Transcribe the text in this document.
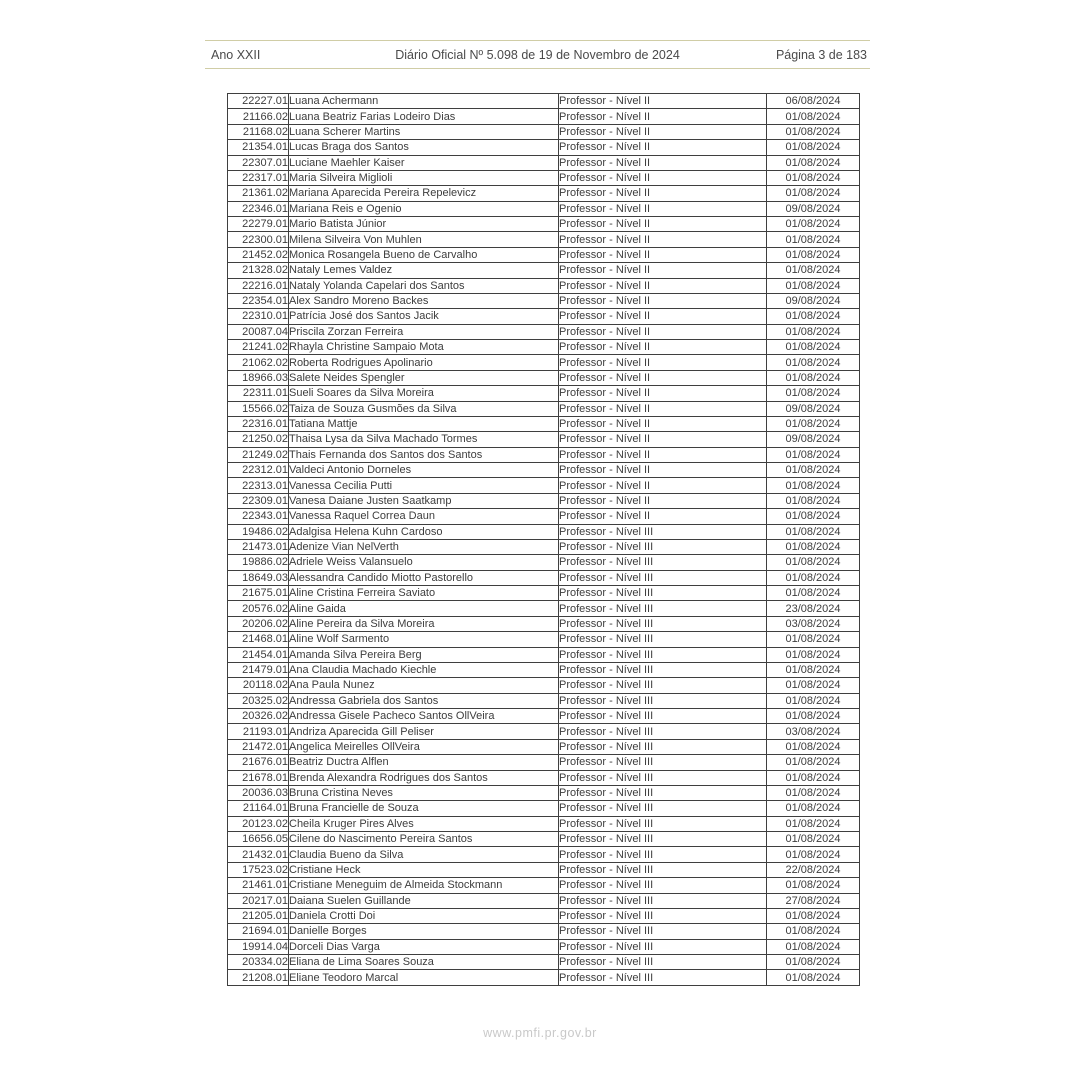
Ano XXII	Diário Oficial Nº 5.098 de 19 de Novembro de 2024	Página 3 de 183
22227.01	Luana Achermann	Professor - Nível II	06/08/2024
21166.02	Luana Beatriz Farias Lodeiro Dias	Professor - Nível II	01/08/2024
21168.02	Luana Scherer Martins	Professor - Nível II	01/08/2024
21354.01	Lucas Braga dos Santos	Professor - Nível II	01/08/2024
22307.01	Luciane Maehler Kaiser	Professor - Nível II	01/08/2024
22317.01	Maria Silveira Miglioli	Professor - Nível II	01/08/2024
21361.02	Mariana Aparecida Pereira Repelevicz	Professor - Nível II	01/08/2024
22346.01	Mariana Reis e Ogenio	Professor - Nível II	09/08/2024
22279.01	Mario Batista Júnior	Professor - Nível II	01/08/2024
22300.01	Milena Silveira Von Muhlen	Professor - Nível II	01/08/2024
21452.02	Monica Rosangela Bueno de Carvalho	Professor - Nível II	01/08/2024
21328.02	Nataly Lemes Valdez	Professor - Nível II	01/08/2024
22216.01	Nataly Yolanda Capelari dos Santos	Professor - Nível II	01/08/2024
22354.01	Alex Sandro Moreno Backes	Professor - Nível II	09/08/2024
22310.01	Patrícia José dos Santos Jacik	Professor - Nível II	01/08/2024
20087.04	Priscila Zorzan Ferreira	Professor - Nível II	01/08/2024
21241.02	Rhayla Christine Sampaio Mota	Professor - Nível II	01/08/2024
21062.02	Roberta Rodrigues Apolinario	Professor - Nível II	01/08/2024
18966.03	Salete Neides Spengler	Professor - Nível II	01/08/2024
22311.01	Sueli Soares da Silva Moreira	Professor - Nível II	01/08/2024
15566.02	Taiza de Souza Gusmões da Silva	Professor - Nível II	09/08/2024
22316.01	Tatiana Mattje	Professor - Nível II	01/08/2024
21250.02	Thaisa Lysa da Silva Machado Tormes	Professor - Nível II	09/08/2024
21249.02	Thais Fernanda dos Santos dos Santos	Professor - Nível II	01/08/2024
22312.01	Valdeci Antonio Dorneles	Professor - Nível II	01/08/2024
22313.01	Vanessa Cecilia Putti	Professor - Nível II	01/08/2024
22309.01	Vanesa Daiane Justen Saatkamp	Professor - Nível II	01/08/2024
22343.01	Vanessa Raquel Correa Daun	Professor - Nível II	01/08/2024
19486.02	Adalgisa Helena Kuhn Cardoso	Professor - Nível III	01/08/2024
21473.01	Adenize Vian NelVerth	Professor - Nível III	01/08/2024
19886.02	Adriele Weiss Valansuelo	Professor - Nível III	01/08/2024
18649.03	Alessandra Candido Miotto Pastorello	Professor - Nível III	01/08/2024
21675.01	Aline Cristina Ferreira Saviato	Professor - Nível III	01/08/2024
20576.02	Aline Gaida	Professor - Nível III	23/08/2024
20206.02	Aline Pereira da Silva Moreira	Professor - Nível III	03/08/2024
21468.01	Aline Wolf Sarmento	Professor - Nível III	01/08/2024
21454.01	Amanda Silva Pereira Berg	Professor - Nível III	01/08/2024
21479.01	Ana Claudia Machado Kiechle	Professor - Nível III	01/08/2024
20118.02	Ana Paula Nunez	Professor - Nível III	01/08/2024
20325.02	Andressa Gabriela dos Santos	Professor - Nível III	01/08/2024
20326.02	Andressa Gisele Pacheco Santos OllVeira	Professor - Nível III	01/08/2024
21193.01	Andriza Aparecida Gill Peliser	Professor - Nível III	03/08/2024
21472.01	Angelica Meirelles OllVeira	Professor - Nível III	01/08/2024
21676.01	Beatriz Ductra Alflen	Professor - Nível III	01/08/2024
21678.01	Brenda Alexandra Rodrigues dos Santos	Professor - Nível III	01/08/2024
20036.03	Bruna Cristina Neves	Professor - Nível III	01/08/2024
21164.01	Bruna Francielle de Souza	Professor - Nível III	01/08/2024
20123.02	Cheila Kruger Pires Alves	Professor - Nível III	01/08/2024
16656.05	Cilene do Nascimento Pereira Santos	Professor - Nível III	01/08/2024
21432.01	Claudia Bueno da Silva	Professor - Nível III	01/08/2024
17523.02	Cristiane Heck	Professor - Nível III	22/08/2024
21461.01	Cristiane Meneguim de Almeida Stockmann	Professor - Nível III	01/08/2024
20217.01	Daiana Suelen Guillande	Professor - Nível III	27/08/2024
21205.01	Daniela Crotti Doi	Professor - Nível III	01/08/2024
21694.01	Danielle Borges	Professor - Nível III	01/08/2024
19914.04	Dorceli Dias Varga	Professor - Nível III	01/08/2024
20334.02	Eliana de Lima Soares Souza	Professor - Nível III	01/08/2024
21208.01	Eliane Teodoro Marcal	Professor - Nível III	01/08/2024
www.pmfi.pr.gov.br
